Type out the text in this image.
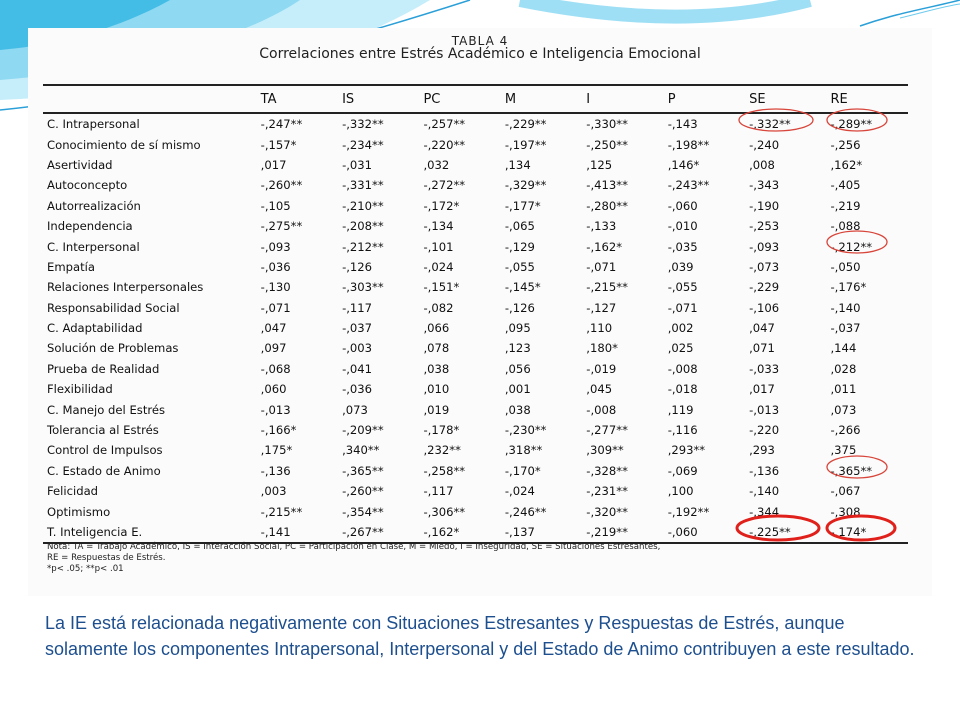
TABLA 4
Correlaciones entre Estrés Académico e Inteligencia Emocional
	TA	IS	PC	M	I	P	SE	RE
C. Intrapersonal	-,247**	-,332**	-,257**	-,229**	-,330**	-,143	-,332**	-,289**
Conocimiento de sí mismo	-,157*	-,234**	-,220**	-,197**	-,250**	-,198**	-,240	-,256
Asertividad	,017	-,031	,032	,134	,125	,146*	,008	,162*
Autoconcepto	-,260**	-,331**	-,272**	-,329**	-,413**	-,243**	-,343	-,405
Autorrealización	-,105	-,210**	-,172*	-,177*	-,280**	-,060	-,190	-,219
Independencia	-,275**	-,208**	-,134	-,065	-,133	-,010	-,253	-,088
C. Interpersonal	-,093	-,212**	-,101	-,129	-,162*	-,035	-,093	-,212**
Empatía	-,036	-,126	-,024	-,055	-,071	,039	-,073	-,050
Relaciones Interpersonales	-,130	-,303**	-,151*	-,145*	-,215**	-,055	-,229	-,176*
Responsabilidad Social	-,071	-,117	-,082	-,126	-,127	-,071	-,106	-,140
C. Adaptabilidad	,047	-,037	,066	,095	,110	,002	,047	-,037
Solución de Problemas	,097	-,003	,078	,123	,180*	,025	,071	,144
Prueba de Realidad	-,068	-,041	,038	,056	-,019	-,008	-,033	,028
Flexibilidad	,060	-,036	,010	,001	,045	-,018	,017	,011
C. Manejo del Estrés	-,013	,073	,019	,038	-,008	,119	-,013	,073
Tolerancia al Estrés	-,166*	-,209**	-,178*	-,230**	-,277**	-,116	-,220	-,266
Control de Impulsos	,175*	,340**	,232**	,318**	,309**	,293**	,293	,375
C. Estado de Animo	-,136	-,365**	-,258**	-,170*	-,328**	-,069	-,136	-,365**
Felicidad	,003	-,260**	-,117	-,024	-,231**	,100	-,140	-,067
Optimismo	-,215**	-,354**	-,306**	-,246**	-,320**	-,192**	-,344	-,308
T. Inteligencia E.	-,141	-,267**	-,162*	-,137	-,219**	-,060	-,225**	-,174*
Nota: TA = Trabajo Académico, IS = Interacción Social, PC = Participación en Clase, M = Miedo, I = Inseguridad, SE = Situaciones Estresantes,
RE = Respuestas de Estrés.
*p< .05; **p< .01
La IE está relacionada negativamente con Situaciones Estresantes y Respuestas de Estrés, aunque solamente los componentes Intrapersonal, Interpersonal y del Estado de Animo contribuyen a este resultado.
